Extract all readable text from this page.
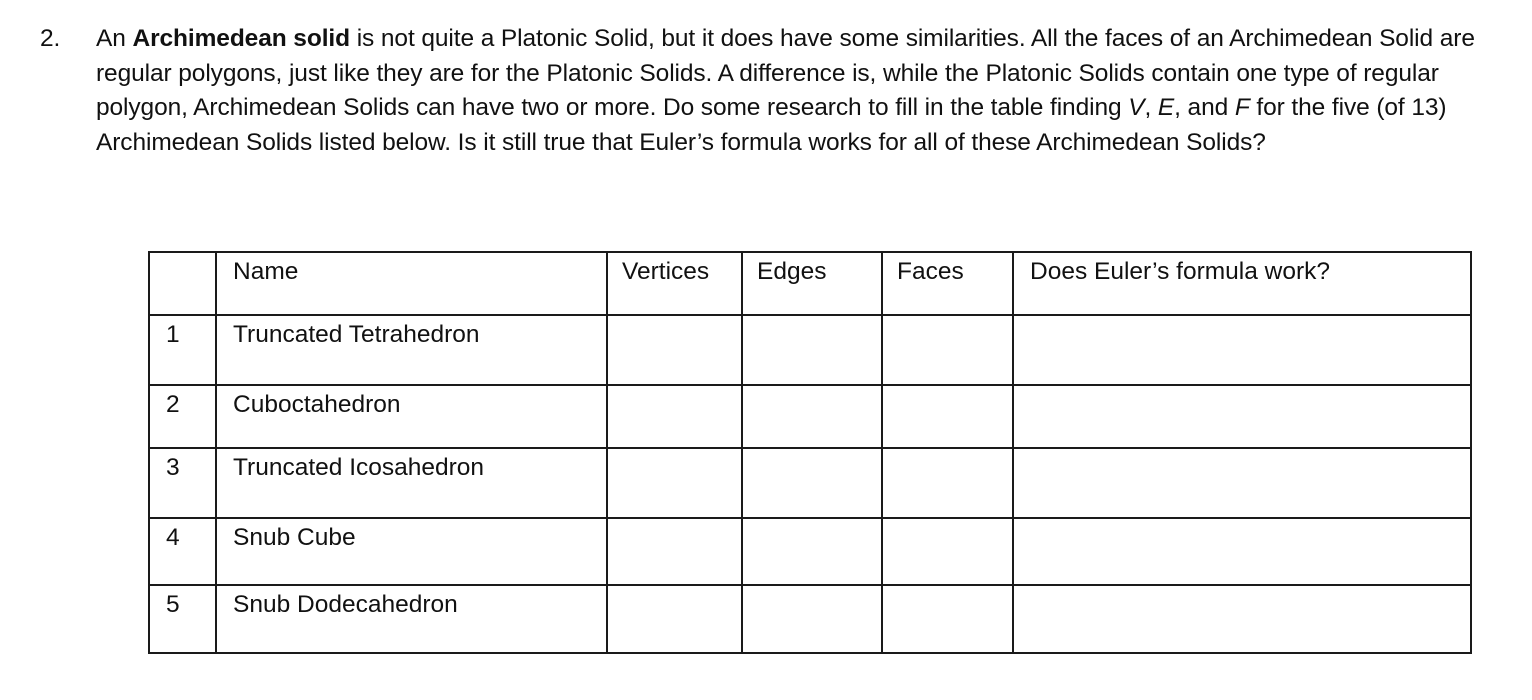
2.	An Archimedean solid is not quite a Platonic Solid, but it does have some similarities. All the faces of an Archimedean Solid are regular polygons, just like they are for the Platonic Solids. A difference is, while the Platonic Solids contain one type of regular polygon, Archimedean Solids can have two or more. Do some research to fill in the table finding V, E, and F for the five (of 13) Archimedean Solids listed below. Is it still true that Euler’s formula works for all of these Archimedean Solids?
	Name	Vertices	Edges	Faces	Does Euler’s formula work?
1	Truncated Tetrahedron				
2	Cuboctahedron				
3	Truncated Icosahedron				
4	Snub Cube				
5	Snub Dodecahedron				
